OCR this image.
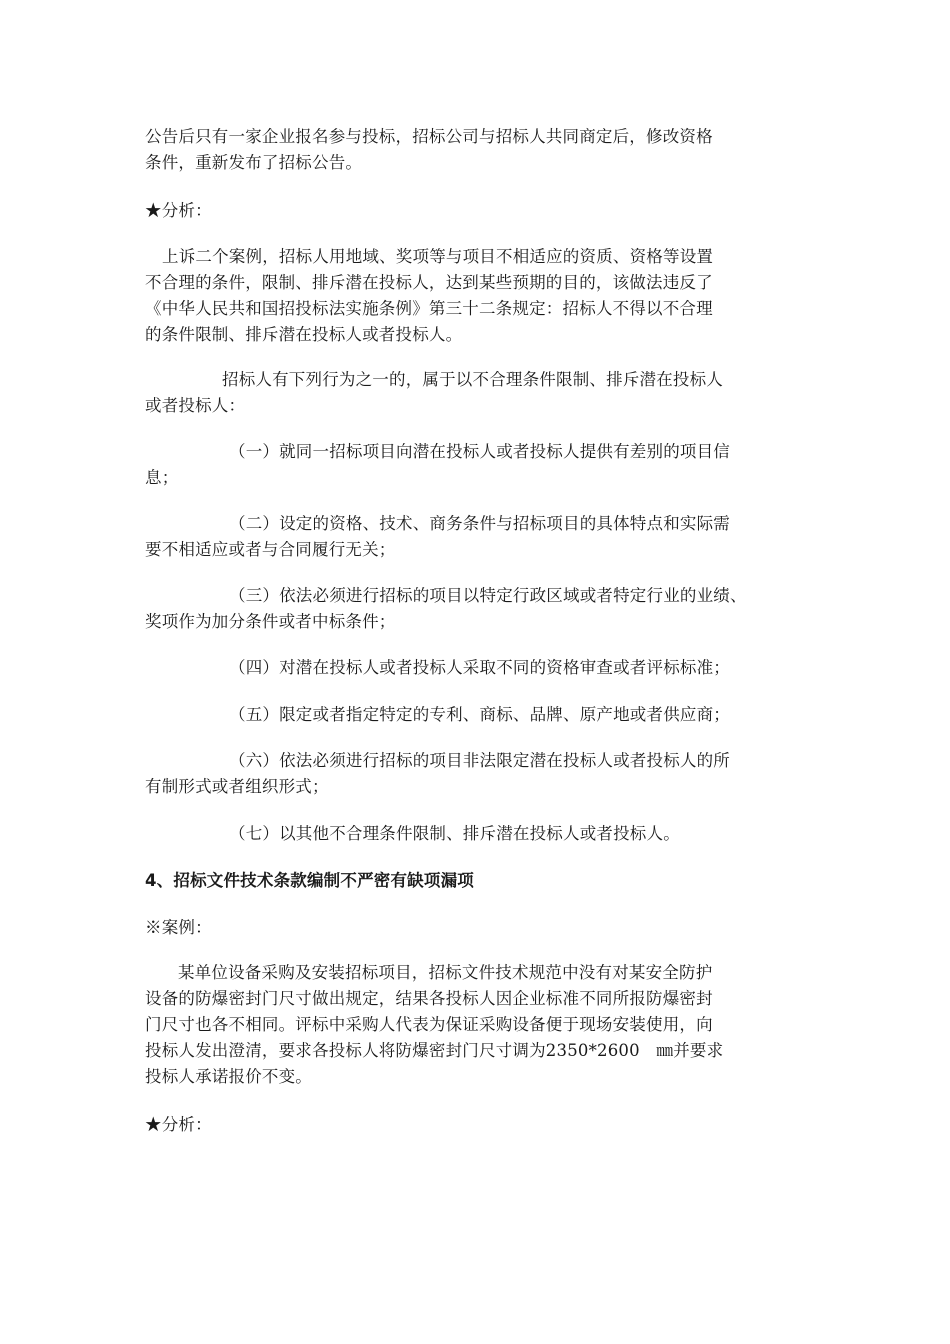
公告后只有一家企业报名参与投标，招标公司与招标人共同商定后，修改资格
条件，重新发布了招标公告。
★分析：
上诉二个案例，招标人用地域、奖项等与项目不相适应的资质、资格等设置
不合理的条件，限制、排斥潜在投标人，达到某些预期的目的，该做法违反了
《中华人民共和国招投标法实施条例》第三十二条规定：招标人不得以不合理
的条件限制、排斥潜在投标人或者投标人。
招标人有下列行为之一的，属于以不合理条件限制、排斥潜在投标人
或者投标人：
（一）就同一招标项目向潜在投标人或者投标人提供有差别的项目信
息；
（二）设定的资格、技术、商务条件与招标项目的具体特点和实际需
要不相适应或者与合同履行无关；
（三）依法必须进行招标的项目以特定行政区域或者特定行业的业绩、
奖项作为加分条件或者中标条件；
（四）对潜在投标人或者投标人采取不同的资格审查或者评标标准；
（五）限定或者指定特定的专利、商标、品牌、原产地或者供应商；
（六）依法必须进行招标的项目非法限定潜在投标人或者投标人的所
有制形式或者组织形式；
（七）以其他不合理条件限制、排斥潜在投标人或者投标人。
4、招标文件技术条款编制不严密有缺项漏项
※案例：
某单位设备采购及安装招标项目，招标文件技术规范中没有对某安全防护
设备的防爆密封门尺寸做出规定，结果各投标人因企业标准不同所报防爆密封
门尺寸也各不相同。评标中采购人代表为保证采购设备便于现场安装使用，向
投标人发出澄清，要求各投标人将防爆密封门尺寸调为2350*2600　㎜并要求
投标人承诺报价不变。
★分析：
